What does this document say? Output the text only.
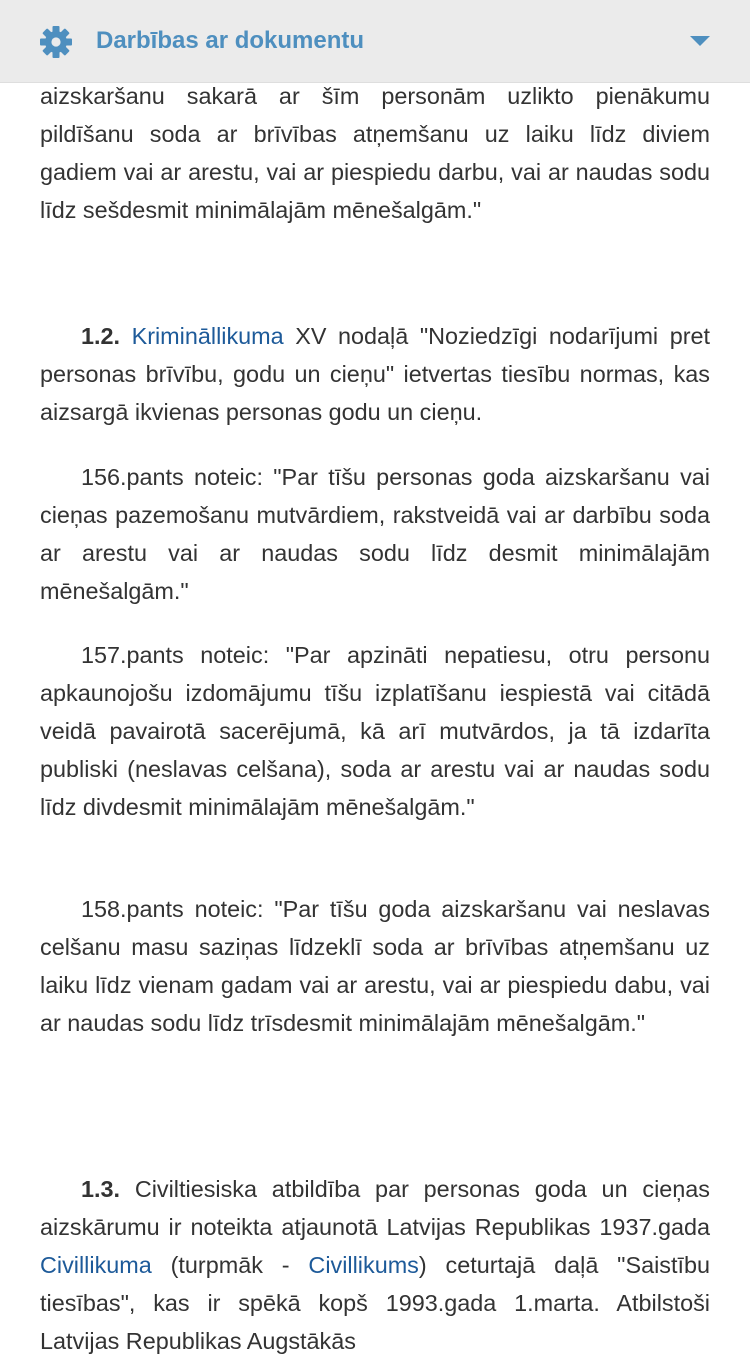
aizskaršanu sakarā ar šīm personām uzlikto pienākumu pildīšanu soda ar brīvības atņemšanu uz laiku līdz diviem gadiem vai ar arestu, vai ar piespiedu darbu, vai ar naudas sodu līdz sešdesmit minimālajām mēnešalgām."

1.2. Krimināllikuma XV nodaļā "Noziedzīgi nodarījumi pret personas brīvību, godu un cieņu" ietvertas tiesību normas, kas aizsargā ikvienas personas godu un cieņu.

156.pants noteic: "Par tīšu personas goda aizskaršanu vai cieņas pazemošanu mutvārdiem, rakstveidā vai ar darbību soda ar arestu vai ar naudas sodu līdz desmit minimālajām mēnešalgām."

157.pants noteic: "Par apzināti nepatiesu, otru personu apkaunojošu izdomājumu tīšu izplatīšanu iespiestā vai citādā veidā pavairotā sacerējumā, kā arī mutvārdos, ja tā izdarīta publiski (neslavas celšana), soda ar arestu vai ar naudas sodu līdz divdesmit minimālajām mēnešalgām."

158.pants noteic: "Par tīšu goda aizskaršanu vai neslavas celšanu masu saziņas līdzeklī soda ar brīvības atņemšanu uz laiku līdz vienam gadam vai ar arestu, vai ar piespiedu dabu, vai ar naudas sodu līdz trīsdesmit minimālajām mēnešalgām."

1.3. Civiltiesiska atbildība par personas goda un cieņas aizskārumu ir noteikta atjaunotā Latvijas Republikas 1937.gada Civillikuma (turpmāk - Civillikums) ceturtajā daļā "Saistību tiesības", kas ir spēkā kopš 1993.gada 1.marta. Atbilstoši Latvijas Republikas Augstākās

Darbības ar dokumentu
